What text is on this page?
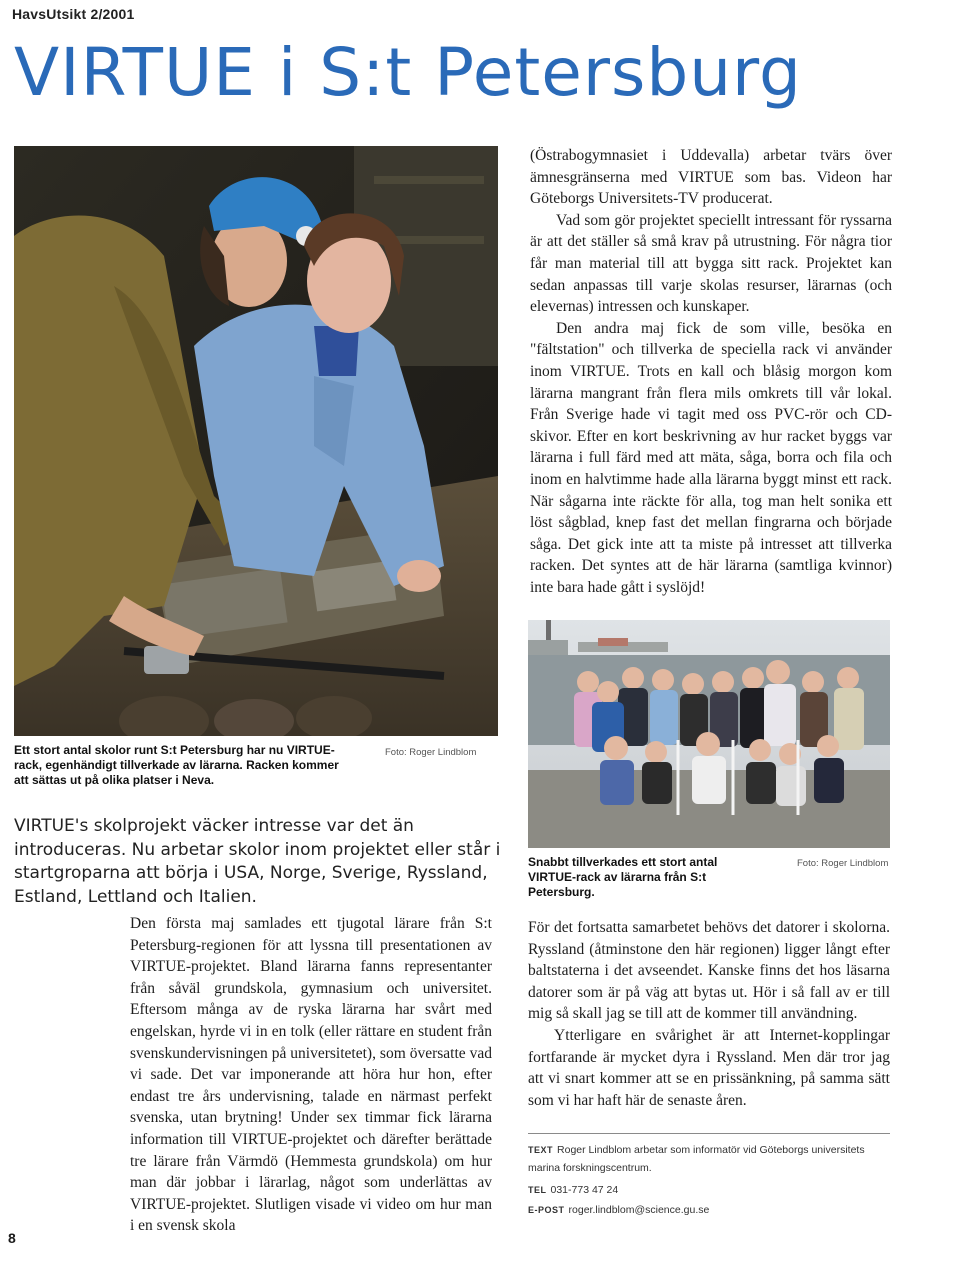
HavsUtsikt 2/2001
VIRTUE i S:t Petersburg
Ett stort antal skolor runt S:t Petersburg har nu VIRTUE-rack, egenhändigt tillverkade av lärarna. Racken kommer att sättas ut på olika platser i Neva.
Foto: Roger Lindblom

(Östrabogymnasiet i Uddevalla) arbetar tvärs över ämnesgränserna med VIRTUE som bas. Videon har Göteborgs Universitets-TV producerat.

Vad som gör projektet speciellt intressant för ryssarna är att det ställer så små krav på utrustning. För några tior får man material till att bygga sitt rack. Projektet kan sedan anpassas till varje skolas resurser, lärarnas (och elevernas) intressen och kunskaper.

Den andra maj fick de som ville, besöka en "fältstation" och tillverka de speciella rack vi använder inom VIRTUE. Trots en kall och blåsig morgon kom lärarna mangrant från flera mils omkrets till vår lokal. Från Sverige hade vi tagit med oss PVC-rör och CD-skivor. Efter en kort beskrivning av hur racket byggs var lärarna i full färd med att mäta, såga, borra och fila och inom en halvtimme hade alla lärarna byggt minst ett rack. När sågarna inte räckte för alla, tog man helt sonika ett löst sågblad, knep fast det mellan fingrarna och började såga. Det gick inte att ta miste på intresset att tillverka racken. Det syntes att de här lärarna (samtliga kvinnor) inte bara hade gått i syslöjd!

Snabbt tillverkades ett stort antal VIRTUE-rack av lärarna från S:t Petersburg.
Foto: Roger Lindblom
VIRTUE's skolprojekt väcker intresse var det än introduceras. Nu arbetar skolor inom projektet eller står i startgroparna att börja i USA, Norge, Sverige, Ryssland, Estland, Lettland och Italien.

Den första maj samlades ett tjugotal lärare från S:t Petersburg-regionen för att lyssna till presentationen av VIRTUE-projektet. Bland lärarna fanns representanter från såväl grundskola, gymnasium och universitet. Eftersom många av de ryska lärarna har svårt med engelskan, hyrde vi in en tolk (eller rättare en student från svenskundervisningen på universitetet), som översatte vad vi sade. Det var imponerande att höra hur hon, efter endast tre års undervisning, talade en närmast perfekt svenska, utan brytning! Under sex timmar fick lärarna information till VIRTUE-projektet och därefter berättade tre lärare från Värmdö (Hemmesta grundskola) om hur man där jobbar i lärarlag, något som underlättas av VIRTUE-projektet. Slutligen visade vi video om hur man i en svensk skola

För det fortsatta samarbetet behövs det datorer i skolorna. Ryssland (åtminstone den här regionen) ligger långt efter baltstaterna i det avseendet. Kanske finns det hos läsarna datorer som är på väg att bytas ut. Hör i så fall av er till mig så skall jag se till att de kommer till användning.

Ytterligare en svårighet är att Internet-kopplingar fortfarande är mycket dyra i Ryssland. Men där tror jag att vi snart kommer att se en prissänkning, på samma sätt som vi har haft här de senaste åren.

TEXT Roger Lindblom arbetar som informatör vid Göteborgs universitets marina forskningscentrum.
TEL 031-773 47 24
E-POST roger.lindblom@science.gu.se
8
